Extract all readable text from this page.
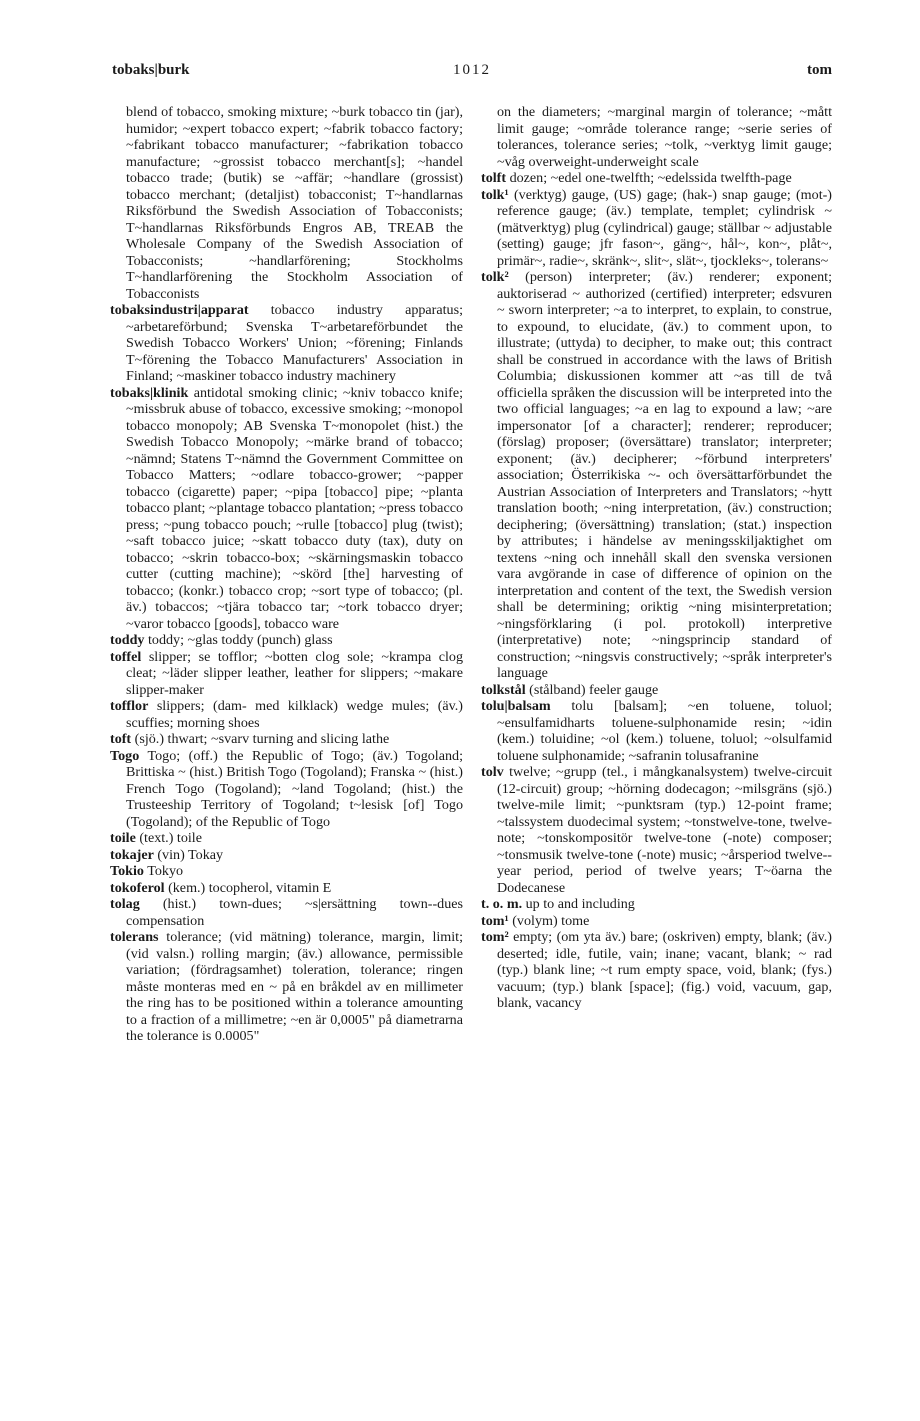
tobaks|burk	1012	tom

blend of tobacco, smoking mixture; ~burk tobacco tin (jar), humidor; ~expert tobacco expert; ~fabrik tobacco factory; ~fabrikant tobacco manufacturer; ~fabrikation tobacco manufacture; ~grossist tobacco merchant[s]; ~handel tobacco trade; (butik) se ~affär; ~handlare (grossist) tobacco merchant; (detaljist) tobacconist; T~handlarnas Riksförbund the Swedish Association of Tobacconists; T~handlarnas Riksförbunds Engros AB, TREAB the Wholesale Company of the Swedish Association of Tobacconists; ~handlarförening; Stockholms T~handlarförening the Stockholm Association of Tobacconists

tobaksindustri|apparat tobacco industry apparatus; ~arbetareförbund; Svenska T~arbetareförbundet the Swedish Tobacco Workers' Union; ~förening; Finlands T~förening the Tobacco Manufacturers' Association in Finland; ~maskiner tobacco industry machinery

tobaks|klinik antidotal smoking clinic; ~kniv tobacco knife; ~missbruk abuse of tobacco, excessive smoking; ~monopol tobacco monopoly; AB Svenska T~monopolet (hist.) the Swedish Tobacco Monopoly; ~märke brand of tobacco; ~nämnd; Statens T~nämnd the Government Committee on Tobacco Matters; ~odlare tobacco-grower; ~papper tobacco (cigarette) paper; ~pipa [tobacco] pipe; ~planta tobacco plant; ~plantage tobacco plantation; ~press tobacco press; ~pung tobacco pouch; ~rulle [tobacco] plug (twist); ~saft tobacco juice; ~skatt tobacco duty (tax), duty on tobacco; ~skrin tobacco-box; ~skärningsmaskin tobacco cutter (cutting machine); ~skörd [the] harvesting of tobacco; (konkr.) tobacco crop; ~sort type of tobacco; (pl. äv.) tobaccos; ~tjära tobacco tar; ~tork tobacco dryer; ~varor tobacco [goods], tobacco ware

toddy toddy; ~glas toddy (punch) glass

toffel slipper; se tofflor; ~botten clog sole; ~krampa clog cleat; ~läder slipper leather, leather for slippers; ~makare slipper-maker

tofflor slippers; (dam- med kilklack) wedge mules; (äv.) scuffies; morning shoes

toft (sjö.) thwart; ~svarv turning and slicing lathe

Togo Togo; (off.) the Republic of Togo; (äv.) Togoland; Brittiska ~ (hist.) British Togo (Togoland); Franska ~ (hist.) French Togo (Togoland); ~land Togoland; (hist.) the Trusteeship Territory of Togoland; t~lesisk [of] Togo (Togoland); of the Republic of Togo

toile (text.) toile

tokajer (vin) Tokay

Tokio Tokyo

tokoferol (kem.) tocopherol, vitamin E

tolag (hist.) town-dues; ~s|ersättning town--dues compensation

tolerans tolerance; (vid mätning) tolerance, margin, limit; (vid valsn.) rolling margin; (äv.) allowance, permissible variation; (fördragsamhet) toleration, tolerance; ringen måste monteras med en ~ på en bråkdel av en millimeter the ring has to be positioned within a tolerance amounting to a fraction of a millimetre; ~en är 0,0005" på diametrarna the tolerance is 0.0005"

on the diameters; ~marginal margin of tolerance; ~mått limit gauge; ~område tolerance range; ~serie series of tolerances, tolerance series; ~tolk, ~verktyg limit gauge; ~våg overweight-underweight scale

tolft dozen; ~edel one-twelfth; ~edelssida twelfth-page

tolk¹ (verktyg) gauge, (US) gage; (hak-) snap gauge; (mot-) reference gauge; (äv.) template, templet; cylindrisk ~ (mätverktyg) plug (cylindrical) gauge; ställbar ~ adjustable (setting) gauge; jfr fason~, gäng~, hål~, kon~, plåt~, primär~, radie~, skränk~, slit~, slät~, tjockleks~, tolerans~

tolk² (person) interpreter; (äv.) renderer; exponent; auktoriserad ~ authorized (certified) interpreter; edsvuren ~ sworn interpreter; ~a to interpret, to explain, to construe, to expound, to elucidate, (äv.) to comment upon, to illustrate; (uttyda) to decipher, to make out; this contract shall be construed in accordance with the laws of British Columbia; diskussionen kommer att ~as till de två officiella språken the discussion will be interpreted into the two official languages; ~a en lag to expound a law; ~are impersonator [of a character]; renderer; reproducer; (förslag) proposer; (översättare) translator; interpreter; exponent; (äv.) decipherer; ~förbund interpreters' association; Österrikiska ~- och översättarförbundet the Austrian Association of Interpreters and Translators; ~hytt translation booth; ~ning interpretation, (äv.) construction; deciphering; (översättning) translation; (stat.) inspection by attributes; i händelse av meningsskiljaktighet om textens ~ning och innehåll skall den svenska versionen vara avgörande in case of difference of opinion on the interpretation and content of the text, the Swedish version shall be determining; oriktig ~ning misinterpretation; ~ningsförklaring (i pol. protokoll) interpretive (interpretative) note; ~ningsprincip standard of construction; ~ningsvis constructively; ~språk interpreter's language

tolkstål (stålband) feeler gauge

tolu|balsam tolu [balsam]; ~en toluene, toluol; ~ensulfamidharts toluene-sulphonamide resin; ~idin (kem.) toluidine; ~ol (kem.) toluene, toluol; ~olsulfamid toluene sulphonamide; ~safranin tolusafranine

tolv twelve; ~grupp (tel., i mångkanalsystem) twelve-circuit (12-circuit) group; ~hörning dodecagon; ~milsgräns (sjö.) twelve-mile limit; ~punktsram (typ.) 12-point frame; ~talssystem duodecimal system; ~tonstwelve-tone, twelve-note; ~tonskompositör twelve-tone (-note) composer; ~tonsmusik twelve-tone (-note) music; ~årsperiod twelve--year period, period of twelve years; T~öarna the Dodecanese

t. o. m. up to and including

tom¹ (volym) tome

tom² empty; (om yta äv.) bare; (oskriven) empty, blank; (äv.) deserted; idle, futile, vain; inane; vacant, blank; ~ rad (typ.) blank line; ~t rum empty space, void, blank; (fys.) vacuum; (typ.) blank [space]; (fig.) void, vacuum, gap, blank, vacancy
